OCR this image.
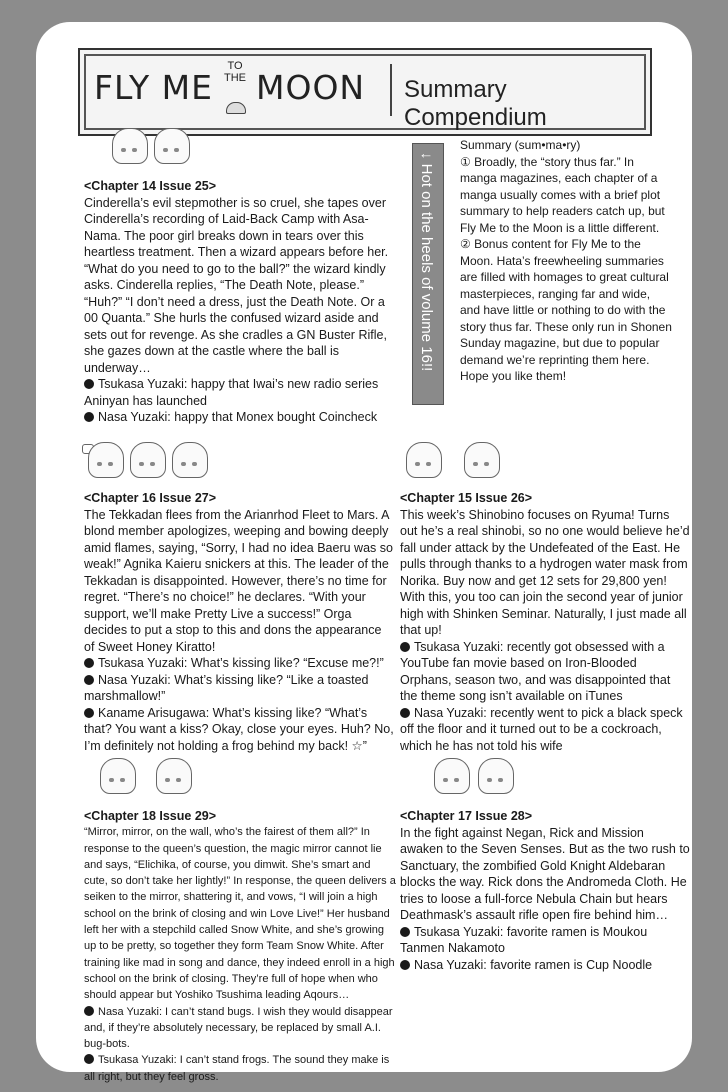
FLY ME
TO
THE MOON Summary Compendium

<Chapter 14 Issue 25>

Cinderella’s evil stepmother is so cruel, she tapes over Cinderella’s recording of Laid-Back Camp with Asa-Nama. The poor girl breaks down in tears over this heartless treatment. Then a wizard appears before her. “What do you need to go to the ball?” the wizard kindly asks. Cinderella replies, “The Death Note, please.” “Huh?” “I don’t need a dress, just the Death Note. Or a 00 Quanta.” She hurls the confused wizard aside and sets out for revenge. As she cradles a GN Buster Rifle, she gazes down at the castle where the ball is underway…

Tsukasa Yuzaki: happy that Iwai’s new radio series Aninyan has launched

Nasa Yuzaki: happy that Monex bought Coincheck

↓ Hot on the heels of volume 16!!

Summary (sum•ma•ry)

① Broadly, the “story thus far.” In manga magazines, each chapter of a manga usually comes with a brief plot summary to help readers catch up, but Fly Me to the Moon is a little different.

② Bonus content for Fly Me to the Moon. Hata’s freewheeling summaries are filled with homages to great cultural masterpieces, ranging far and wide, and have little or nothing to do with the story thus far. These only run in Shonen Sunday magazine, but due to popular demand we’re reprinting them here. Hope you like them!

<Chapter 16 Issue 27>

The Tekkadan flees from the Arianrhod Fleet to Mars. A blond member apologizes, weeping and bowing deeply amid flames, saying, “Sorry, I had no idea Baeru was so weak!” Agnika Kaieru snickers at this. The leader of the Tekkadan is disappointed. However, there’s no time for regret. “There’s no choice!” he declares. “With your support, we’ll make Pretty Live a success!” Orga decides to put a stop to this and dons the appearance of Sweet Honey Kiratto!

Tsukasa Yuzaki: What’s kissing like? “Excuse me?!”

Nasa Yuzaki: What’s kissing like? “Like a toasted marshmallow!”

Kaname Arisugawa: What’s kissing like? “What’s that? You want a kiss? Okay, close your eyes. Huh? No, I’m definitely not holding a frog behind my back! ☆”

<Chapter 15 Issue 26>

This week’s Shinobino focuses on Ryuma! Turns out he’s a real shinobi, so no one would believe he’d fall under attack by the Undefeated of the East. He pulls through thanks to a hydrogen water mask from Norika. Buy now and get 12 sets for 29,800 yen! With this, you too can join the second year of junior high with Shinken Seminar. Naturally, I just made all that up!

Tsukasa Yuzaki: recently got obsessed with a YouTube fan movie based on Iron-Blooded Orphans, season two, and was disappointed that the theme song isn’t available on iTunes

Nasa Yuzaki: recently went to pick a black speck off the floor and it turned out to be a cockroach, which he has not told his wife

<Chapter 18 Issue 29>

“Mirror, mirror, on the wall, who’s the fairest of them all?” In response to the queen’s question, the magic mirror cannot lie and says, “Elichika, of course, you dimwit. She’s smart and cute, so don’t take her lightly!” In response, the queen delivers a seiken to the mirror, shattering it, and vows, “I will join a high school on the brink of closing and win Love Live!” Her husband left her with a stepchild called Snow White, and she’s growing up to be pretty, so together they form Team Snow White. After training like mad in song and dance, they indeed enroll in a high school on the brink of closing. They’re full of hope when who should appear but Yoshiko Tsushima leading Aqours…

Nasa Yuzaki: I can’t stand bugs. I wish they would disappear and, if they’re absolutely necessary, be replaced by small A.I. bug-bots.

Tsukasa Yuzaki: I can’t stand frogs. The sound they make is all right, but they feel gross.

<Chapter 17 Issue 28>

In the fight against Negan, Rick and Mission awaken to the Seven Senses. But as the two rush to Sanctuary, the zombified Gold Knight Aldebaran blocks the way. Rick dons the Andromeda Cloth. He tries to loose a full-force Nebula Chain but hears Deathmask’s assault rifle open fire behind him…

Tsukasa Yuzaki: favorite ramen is Moukou Tanmen Nakamoto

Nasa Yuzaki: favorite ramen is Cup Noodle
